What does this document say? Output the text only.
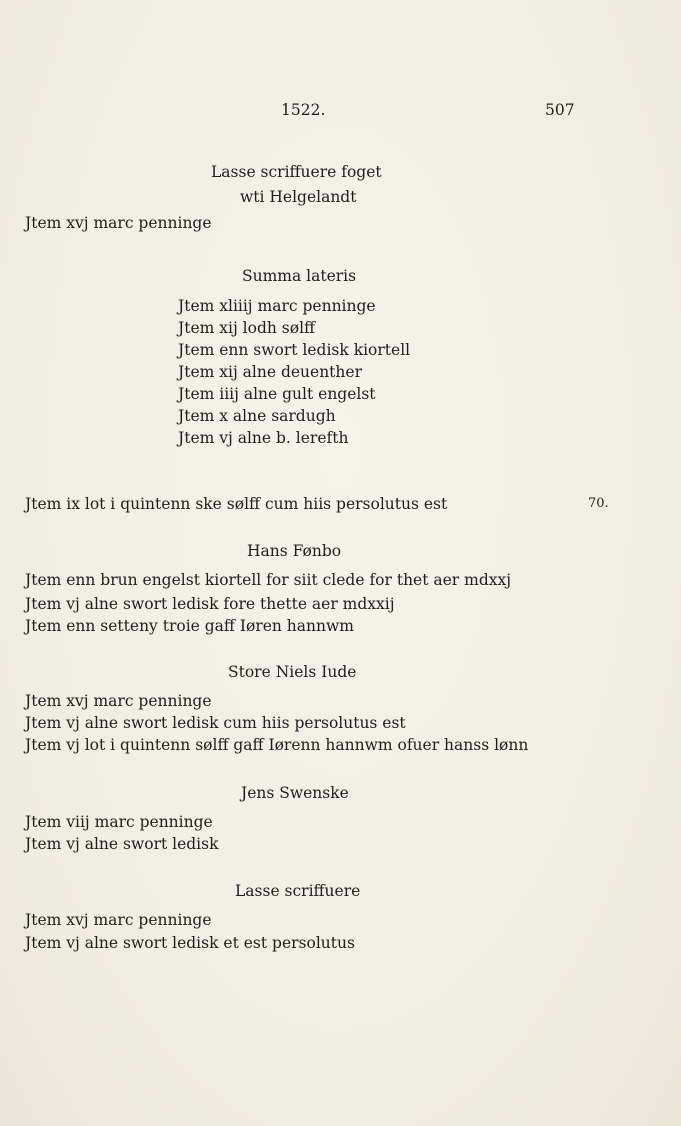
1522.	507
Lasse scriffuere foget
wti Helgelandt
Jtem xvj marc penninge
Summa lateris
Jtem xliiij marc penninge
Jtem xij lodh sølff
Jtem enn swort ledisk kiortell
Jtem xij alne deuenther
Jtem iiij alne gult engelst
Jtem x alne sardugh
Jtem vj alne b. lerefth
Jtem ix lot i quintenn ske sølff cum hiis persolutus est	70.
Hans Fønbo
Jtem enn brun engelst kiortell for siit clede for thet aer mdxxj
Jtem vj alne swort ledisk fore thette aer mdxxij
Jtem enn setteny troie gaff Iøren hannwm
Store Niels Iude
Jtem xvj marc penninge
Jtem vj alne swort ledisk cum hiis persolutus est
Jtem vj lot i quintenn sølff gaff Iørenn hannwm ofuer hanss lønn
Jens Swenske
Jtem viij marc penninge
Jtem vj alne swort ledisk
Lasse scriffuere
Jtem xvj marc penninge
Jtem vj alne swort ledisk et est persolutus
